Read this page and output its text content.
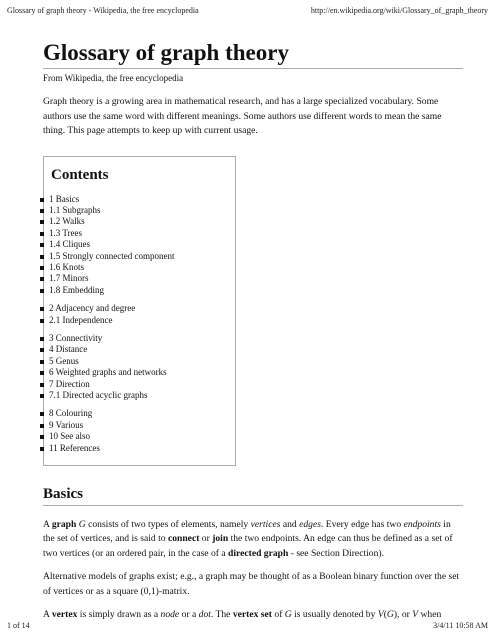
Glossary of graph theory - Wikipedia, the free encyclopedia	http://en.wikipedia.org/wiki/Glossary_of_graph_theory
Glossary of graph theory
From Wikipedia, the free encyclopedia

Graph theory is a growing area in mathematical research, and has a large specialized vocabulary. Some authors use the same word with different meanings. Some authors use different words to mean the same thing. This page attempts to keep up with current usage.

Contents
1 Basics
1.1 Subgraphs
1.2 Walks
1.3 Trees
1.4 Cliques
1.5 Strongly connected component
1.6 Knots
1.7 Minors
1.8 Embedding
2 Adjacency and degree
2.1 Independence
3 Connectivity
4 Distance
5 Genus
6 Weighted graphs and networks
7 Direction
7.1 Directed acyclic graphs
8 Colouring
9 Various
10 See also
11 References
Basics

A graph G consists of two types of elements, namely vertices and edges. Every edge has two endpoints in the set of vertices, and is said to connect or join the two endpoints. An edge can thus be defined as a set of two vertices (or an ordered pair, in the case of a directed graph - see Section Direction).

Alternative models of graphs exist; e.g., a graph may be thought of as a Boolean binary function over the set of vertices or as a square (0,1)-matrix.

A vertex is simply drawn as a node or a dot. The vertex set of G is usually denoted by V(G), or V when

1 of 14	3/4/11 10:58 AM
